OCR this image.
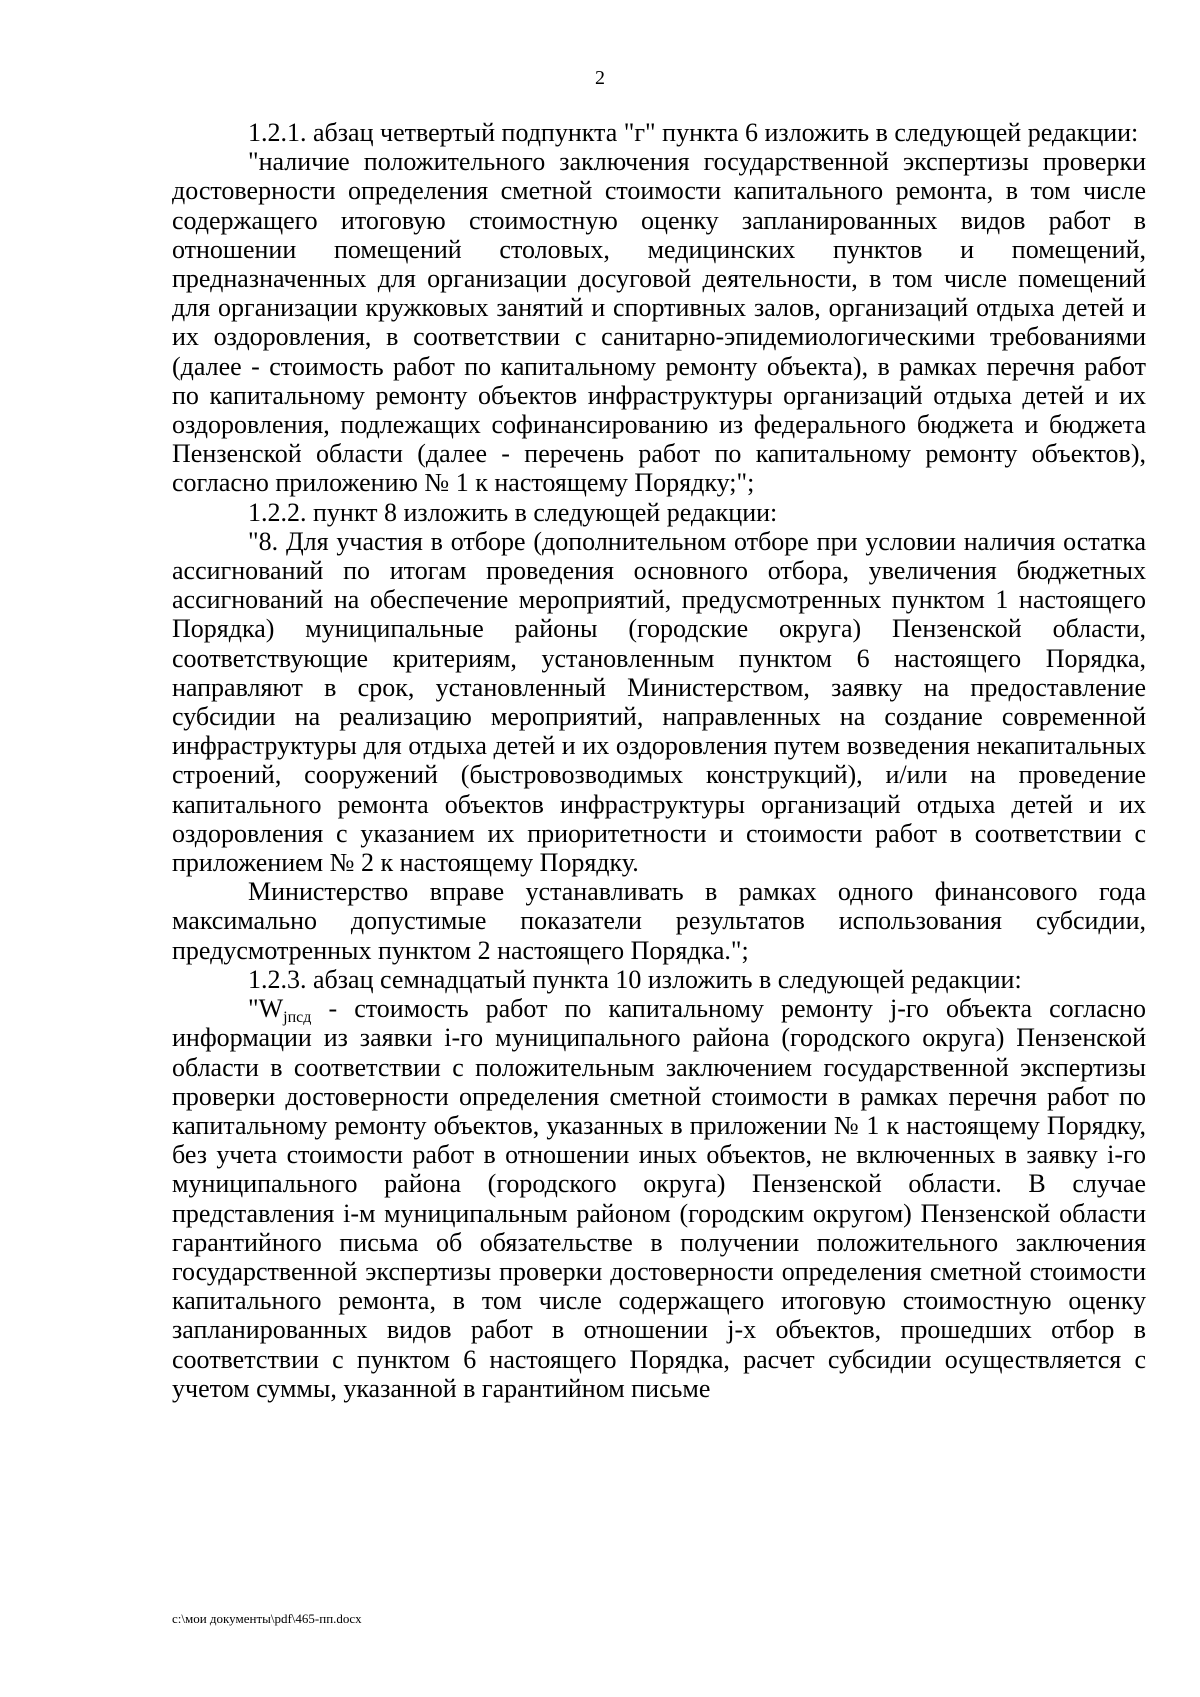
2

1.2.1. абзац четвертый подпункта "г" пункта 6 изложить в следующей редакции:

"наличие положительного заключения государственной экспертизы проверки достоверности определения сметной стоимости капитального ремонта, в том числе содержащего итоговую стоимостную оценку запланированных видов работ в отношении помещений столовых, медицинских пунктов и помещений, предназначенных для организации досуговой деятельности, в том числе помещений для организации кружковых занятий и спортивных залов, организаций отдыха детей и их оздоровления, в соответствии с санитарно-эпидемиологическими требованиями (далее - стоимость работ по капитальному ремонту объекта), в рамках перечня работ по капитальному ремонту объектов инфраструктуры организаций отдыха детей и их оздоровления, подлежащих софинансированию из федерального бюджета и бюджета Пензенской области (далее - перечень работ по капитальному ремонту объектов), согласно приложению № 1 к настоящему Порядку;";

1.2.2. пункт 8 изложить в следующей редакции:

"8. Для участия в отборе (дополнительном отборе при условии наличия остатка ассигнований по итогам проведения основного отбора, увеличения бюджетных ассигнований на обеспечение мероприятий, предусмотренных пунктом 1 настоящего Порядка) муниципальные районы (городские округа) Пензенской области, соответствующие критериям, установленным пунктом 6 настоящего Порядка, направляют в срок, установленный Министерством, заявку на предоставление субсидии на реализацию мероприятий, направленных на создание современной инфраструктуры для отдыха детей и их оздоровления путем возведения некапитальных строений, сооружений (быстровозводимых конструкций), и/или на проведение капитального ремонта объектов инфраструктуры организаций отдыха детей и их оздоровления с указанием их приоритетности и стоимости работ в соответствии с приложением № 2 к настоящему Порядку.

Министерство вправе устанавливать в рамках одного финансового года максимально допустимые показатели результатов использования субсидии, предусмотренных пунктом 2 настоящего Порядка.";

1.2.3. абзац семнадцатый пункта 10 изложить в следующей редакции:

"$W_{jпсд}$ - стоимость работ по капитальному ремонту j-го объекта согласно информации из заявки i-го муниципального района (городского округа) Пензенской области в соответствии с положительным заключением государственной экспертизы проверки достоверности определения сметной стоимости в рамках перечня работ по капитальному ремонту объектов, указанных в приложении № 1 к настоящему Порядку, без учета стоимости работ в отношении иных объектов, не включенных в заявку i-го муниципального района (городского округа) Пензенской области. В случае представления i-м муниципальным районом (городским округом) Пензенской области гарантийного письма об обязательстве в получении положительного заключения государственной экспертизы проверки достоверности определения сметной стоимости капитального ремонта, в том числе содержащего итоговую стоимостную оценку запланированных видов работ в отношении j-х объектов, прошедших отбор в соответствии с пунктом 6 настоящего Порядка, расчет субсидии осуществляется с учетом суммы, указанной в гарантийном письме

c:\мои документы\pdf\465-пп.docx
